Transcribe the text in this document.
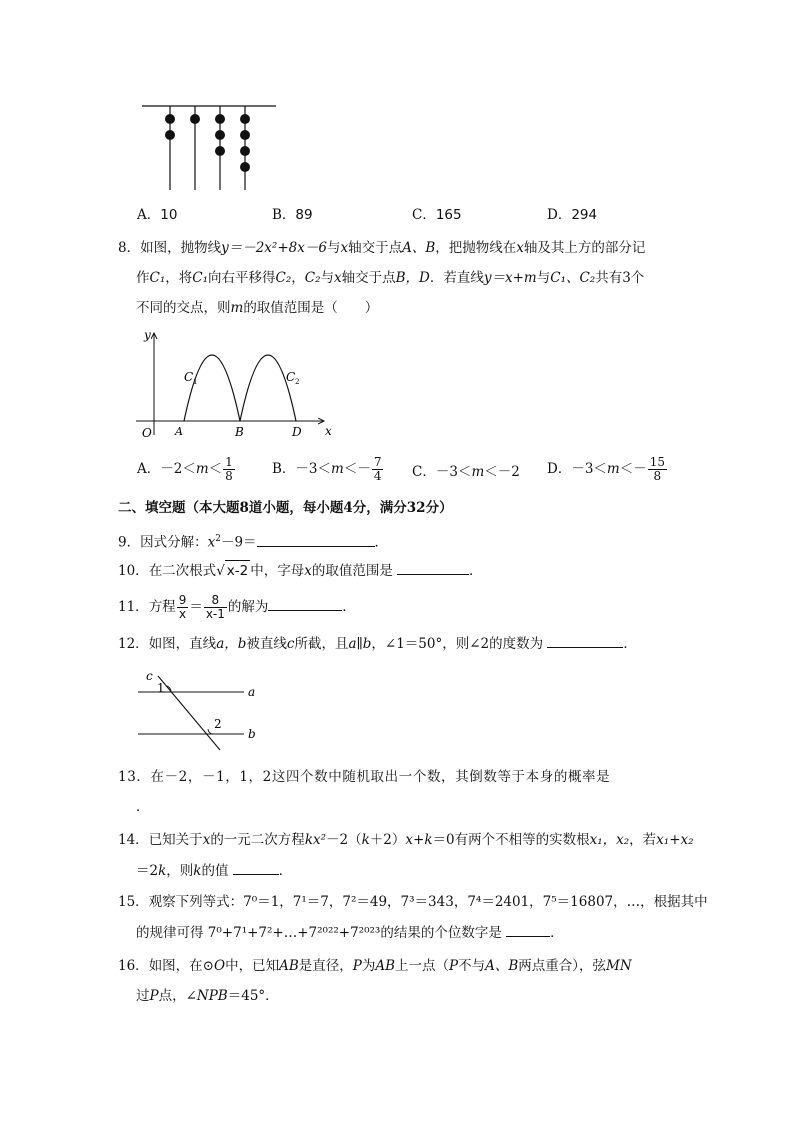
A．10	B．89	C．165	D．294
8．如图，抛物线y＝－2x²+8x－6与x轴交于点A、B，把抛物线在x轴及其上方的部分记
作C₁，将C₁向右平移得C₂，C₂与x轴交于点B，D．若直线y＝x+m与C₁、C₂共有3个
不同的交点，则m的取值范围是（　　）
y
x
O A	B	D
C 1	C 2
A．$-2<m< \frac{1}{8}$	B．$-3<m<- \frac{7}{4}$ C．－3＜m＜－2 D．$-3<m<- \frac{15}{8}$
二、填空题（本大题8道小题，每小题4分，满分32分）
9．因式分解：$x^2-9=$	．
10．在二次根式√ x-2 中，字母x的取值范围是	．
11．方程 $\frac{9}{x} = \frac{8}{x-1}$ 的解为	．
12．如图，直线a，b被直线c所截，且a∥b，∠1＝50°，则∠2的度数为	．
c
1
2
a
b
13．在－2，－1，1，2这四个数中随机取出一个数，其倒数等于本身的概率是
．
14．已知关于x的一元二次方程kx²－2（k＋2）x+k＝0有两个不相等的实数根x₁，x₂，若x₁+x₂
＝2k，则k的值	．
15．观察下列等式：7⁰＝1，7¹＝7，7²＝49，7³＝343，7⁴＝2401，7⁵＝16807，…，根据其中
的规律可得 7⁰+7¹+7²+…+7²⁰²²+7²⁰²³的结果的个位数字是	．
16．如图，在⊙O中，已知AB是直径，P为AB上一点（P不与A、B两点重合），弦MN
过P点，∠NPB＝45°．
